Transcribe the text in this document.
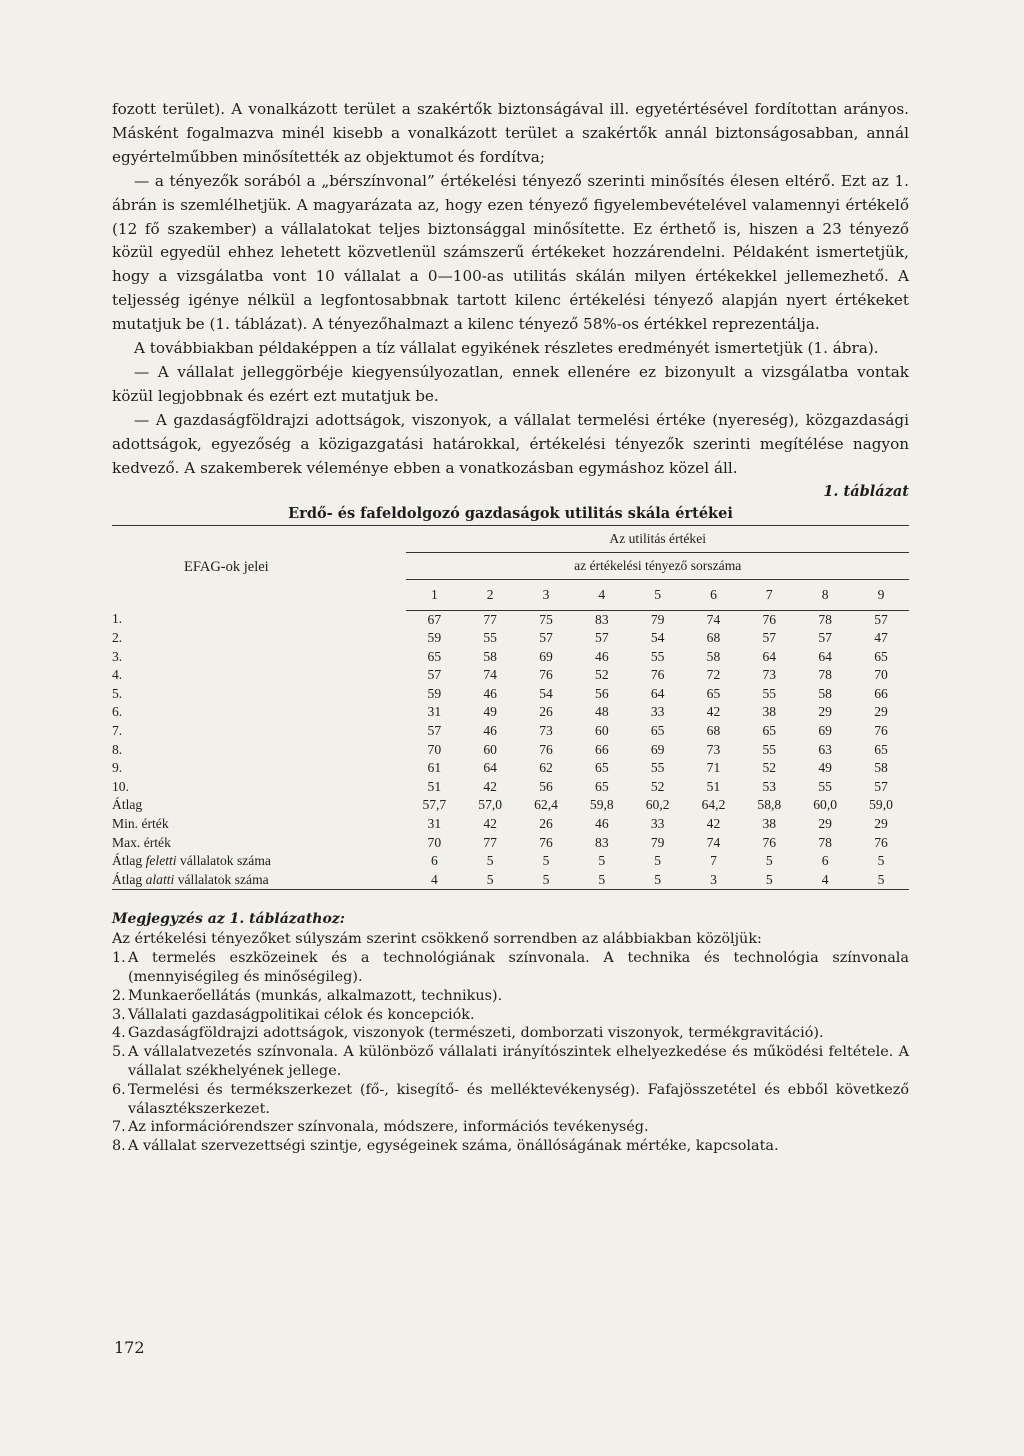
fozott terület). A vonalkázott terület a szakértők biztonságával ill. egyetértésével fordítottan arányos. Másként fogalmazva minél kisebb a vonalkázott terület a szakértők annál biztonságosabban, annál egyértelműbben minősítették az objektumot és fordítva;

— a tényezők sorából a „bérszínvonal” értékelési tényező szerinti minősítés élesen eltérő. Ezt az 1. ábrán is szemlélhetjük. A magyarázata az, hogy ezen tényező figyelembevételével valamennyi értékelő (12 fő szakember) a vállalatokat teljes biztonsággal minősítette. Ez érthető is, hiszen a 23 tényező közül egyedül ehhez lehetett közvetlenül számszerű értékeket hozzárendelni. Példaként ismertetjük, hogy a vizsgálatba vont 10 vállalat a 0—100-as utilitás skálán milyen értékekkel jellemezhető. A teljesség igénye nélkül a legfontosabbnak tartott kilenc értékelési tényező alapján nyert értékeket mutatjuk be (1. táblázat). A tényezőhalmazt a kilenc tényező 58%-os értékkel reprezentálja.

A továbbiakban példaképpen a tíz vállalat egyikének részletes eredményét ismertetjük (1. ábra).

— A vállalat jelleggörbéje kiegyensúlyozatlan, ennek ellenére ez bizonyult a vizsgálatba vontak közül legjobbnak és ezért ezt mutatjuk be.

— A gazdaságföldrajzi adottságok, viszonyok, a vállalat termelési értéke (nyereség), közgazdasági adottságok, egyezőség a közigazgatási határokkal, értékelési tényezők szerinti megítélése nagyon kedvező. A szakemberek véleménye ebben a vonatkozásban egymáshoz közel áll.

1. táblázat
Erdő- és fafeldolgozó gazdaságok utilitás skála értékei
EFAG-ok jelei	Az utilitás értékei								
	az értékelési tényező sorszáma								
	1	2	3	4	5	6	7	8	9
1.	67	77	75	83	79	74	76	78	57
2.	59	55	57	57	54	68	57	57	47
3.	65	58	69	46	55	58	64	64	65
4.	57	74	76	52	76	72	73	78	70
5.	59	46	54	56	64	65	55	58	66
6.	31	49	26	48	33	42	38	29	29
7.	57	46	73	60	65	68	65	69	76
8.	70	60	76	66	69	73	55	63	65
9.	61	64	62	65	55	71	52	49	58
10.	51	42	56	65	52	51	53	55	57
Átlag	57,7	57,0	62,4	59,8	60,2	64,2	58,8	60,0	59,0
Min. érték	31	42	26	46	33	42	38	29	29
Max. érték	70	77	76	83	79	74	76	78	76
Átlag feletti vállalatok száma	6	5	5	5	5	7	5	6	5
Átlag alatti vállalatok száma	4	5	5	5	5	3	5	4	5
Megjegyzés az 1. táblázathoz:

Az értékelési tényezőket súlyszám szerint csökkenő sorrendben az alábbiakban közöljük:

1. A termelés eszközeinek és a technológiának színvonala. A technika és technológia színvonala (mennyiségileg és minőségileg).
2. Munkaerőellátás (munkás, alkalmazott, technikus).
3. Vállalati gazdaságpolitikai célok és koncepciók.
4. Gazdaságföldrajzi adottságok, viszonyok (természeti, domborzati viszonyok, termékgravitáció).
5. A vállalatvezetés színvonala. A különböző vállalati irányítószintek elhelyezkedése és működési feltétele. A vállalat székhelyének jellege.
6. Termelési és termékszerkezet (fő-, kisegítő- és melléktevékenység). Fafajösszetétel és ebből következő választékszerkezet.
7. Az információrendszer színvonala, módszere, információs tevékenység.
8. A vállalat szervezettségi szintje, egységeinek száma, önállóságának mértéke, kapcsolata.
172
